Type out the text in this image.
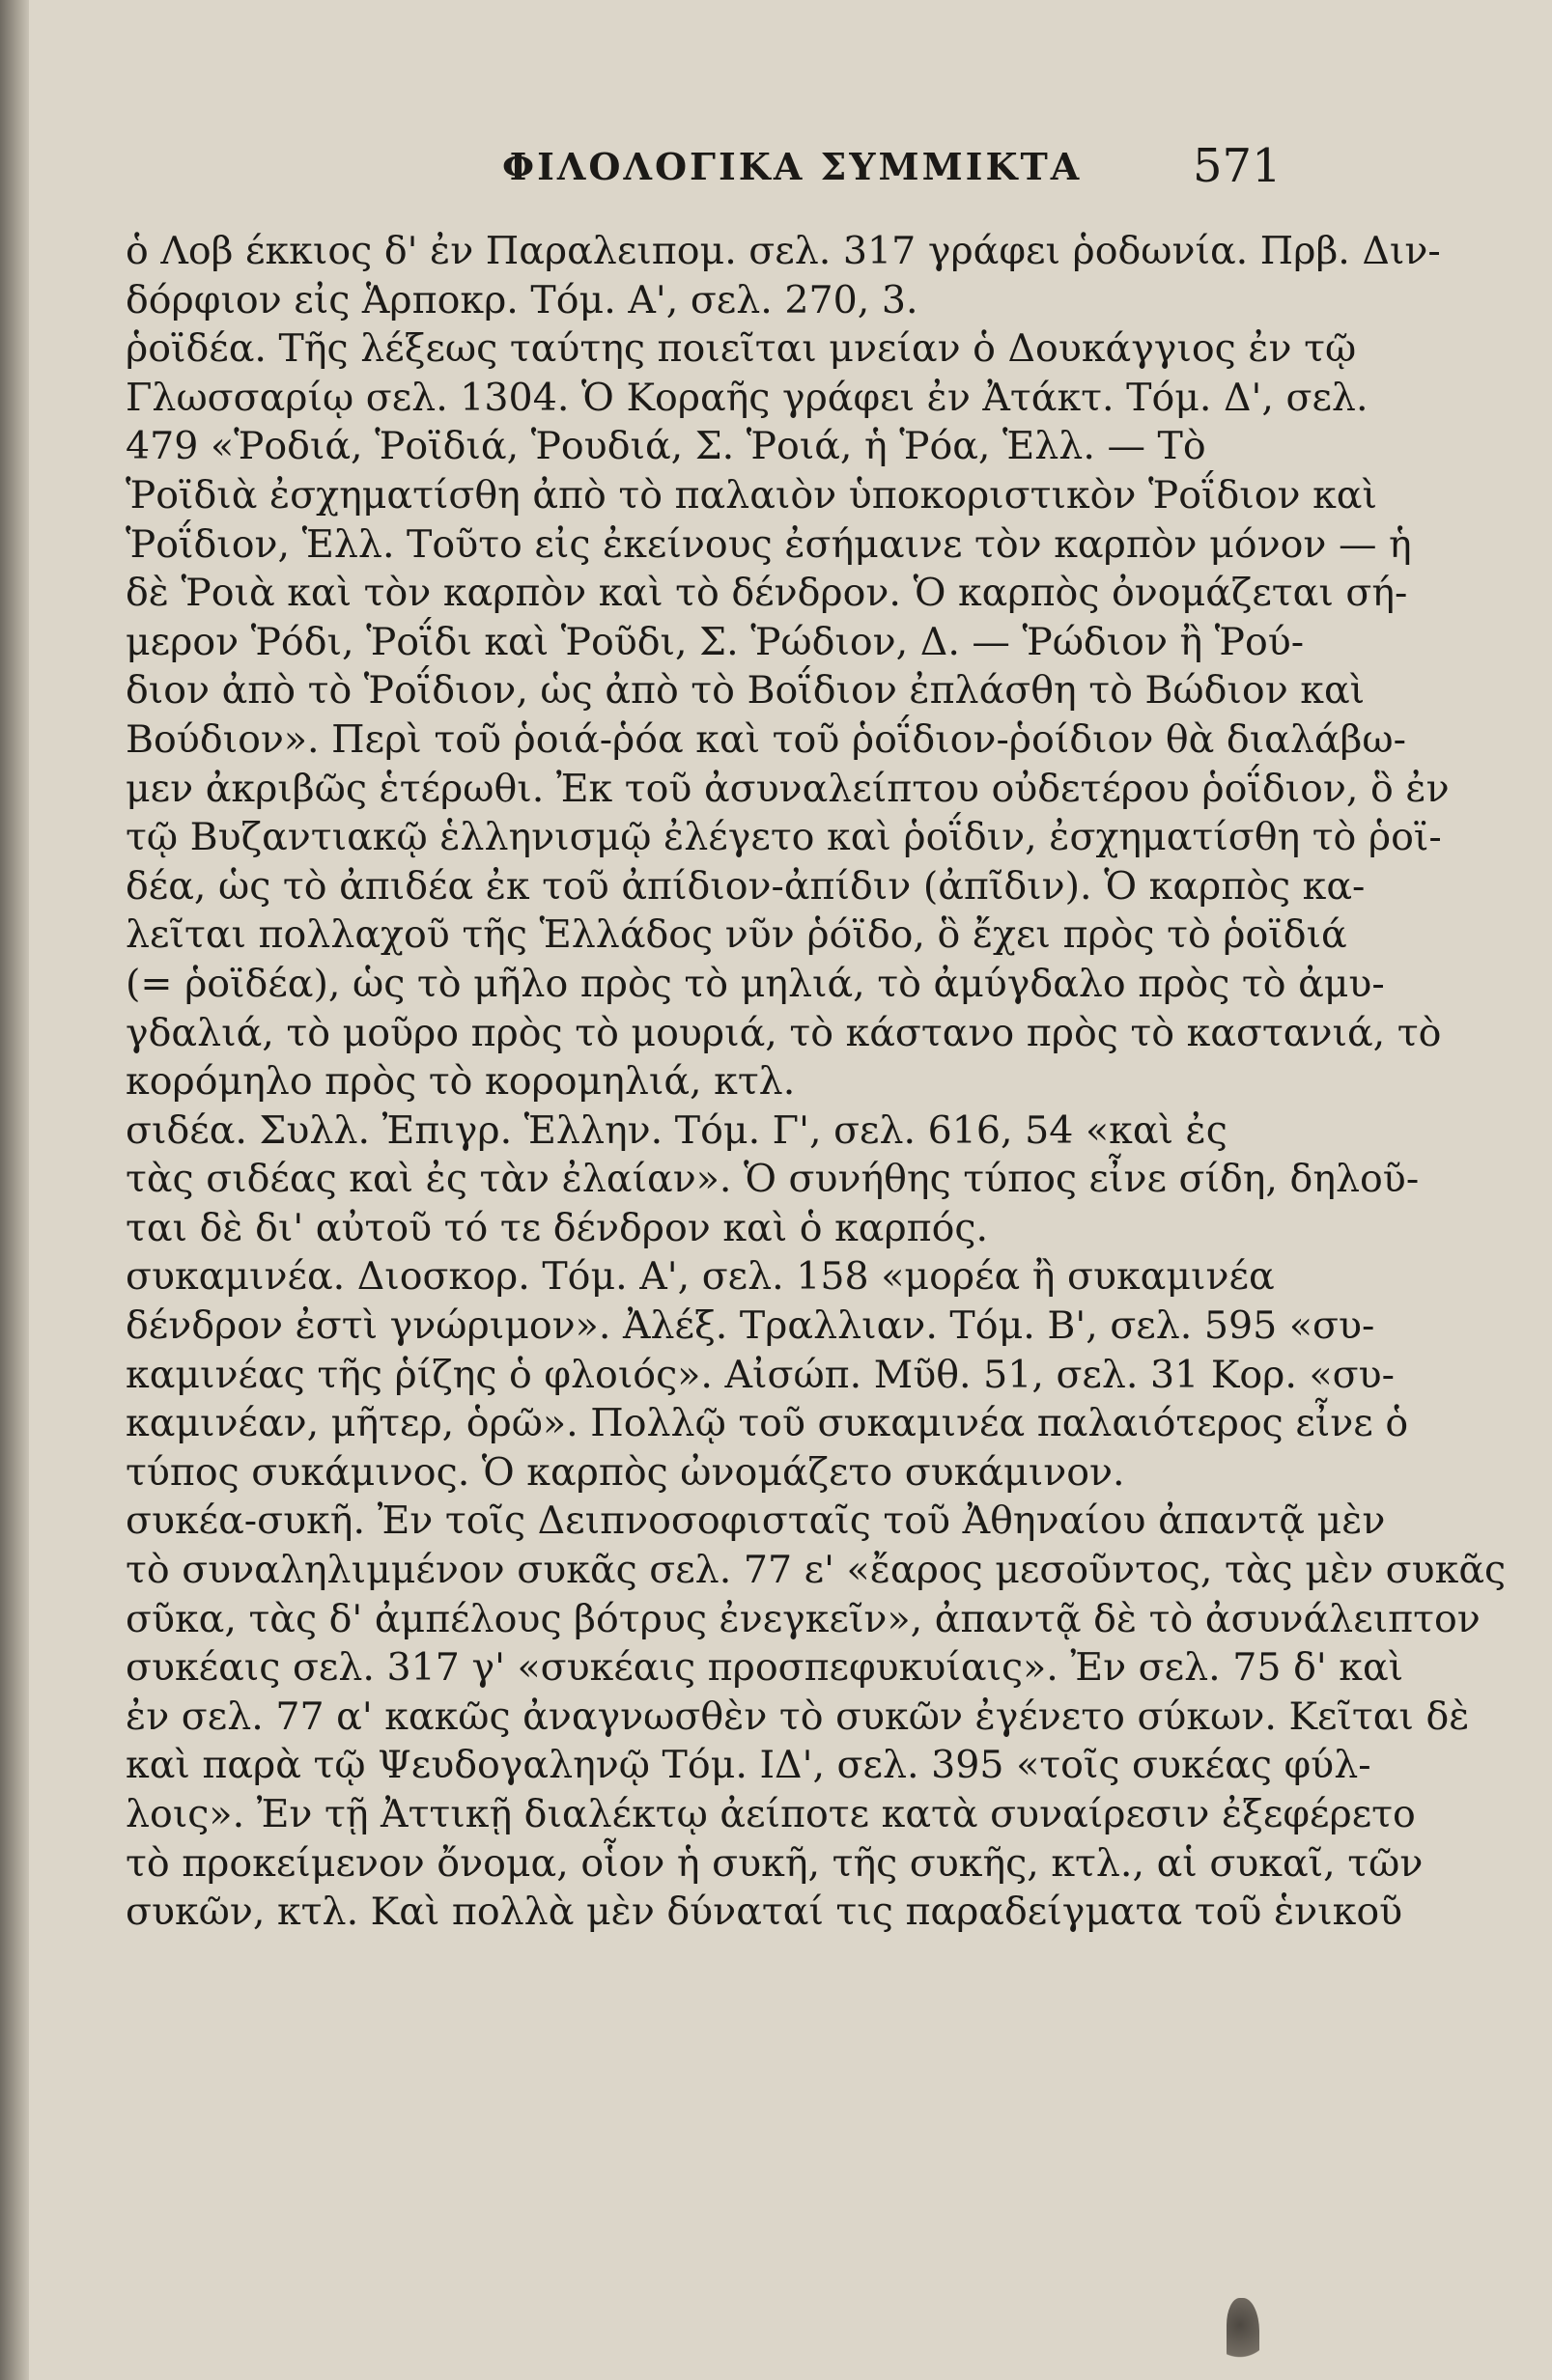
ΦΙΛΟΛΟΓΙΚΑ ΣΥΜΜΙΚΤΑ 571
ὁ Λοβ έκκιος δ' ἐν Παραλειπομ. σελ. 317 γράφει ῥοδωνία. Πρβ. Διν-
δόρφιον εἰς Ἁρποκρ. Τόμ. Α', σελ. 270, 3.
ῥοϊδέα. Τῆς λέξεως ταύτης ποιεῖται μνείαν ὁ Δουκάγγιος ἐν τῷ
Γλωσσαρίῳ σελ. 1304. Ὁ Κοραῆς γράφει ἐν Ἀτάκτ. Τόμ. Δ', σελ.
479 «Ῥοδιά, Ῥοϊδιά, Ῥουδιά, Σ. Ῥοιά, ἡ Ῥόα, Ἑλλ. — Τὸ
Ῥοϊδιὰ ἐσχηματίσθη ἀπὸ τὸ παλαιὸν ὑποκοριστικὸν Ῥοΐδιον καὶ
Ῥοΐδιον, Ἑλλ. Τοῦτο εἰς ἐκείνους ἐσήμαινε τὸν καρπὸν μόνον — ἡ
δὲ Ῥοιὰ καὶ τὸν καρπὸν καὶ τὸ δένδρον. Ὁ καρπὸς ὀνομάζεται σή-
μερον Ῥόδι, Ῥοΐδι καὶ Ῥοῦδι, Σ. Ῥώδιον, Δ. — Ῥώδιον ἢ Ῥού-
διον ἀπὸ τὸ Ῥοΐδιον, ὡς ἀπὸ τὸ Βοΐδιον ἐπλάσθη τὸ Βώδιον καὶ
Βούδιον». Περὶ τοῦ ῥοιά-ῥόα καὶ τοῦ ῥοΐδιον-ῥοίδιον θὰ διαλάβω-
μεν ἀκριβῶς ἑτέρωθι. Ἐκ τοῦ ἀσυναλείπτου οὐδετέρου ῥοΐδιον, ὃ ἐν
τῷ Βυζαντιακῷ ἑλληνισμῷ ἐλέγετο καὶ ῥοΐδιν, ἐσχηματίσθη τὸ ῥοϊ-
δέα, ὡς τὸ ἀπιδέα ἐκ τοῦ ἀπίδιον-ἀπίδιν (ἀπῖδιν). Ὁ καρπὸς κα-
λεῖται πολλαχοῦ τῆς Ἑλλάδος νῦν ῥόϊδο, ὃ ἔχει πρὸς τὸ ῥοϊδιά
(= ῥοϊδέα), ὡς τὸ μῆλο πρὸς τὸ μηλιά, τὸ ἀμύγδαλο πρὸς τὸ ἀμυ-
γδαλιά, τὸ μοῦρο πρὸς τὸ μουριά, τὸ κάστανο πρὸς τὸ καστανιά, τὸ
κορόμηλο πρὸς τὸ κορομηλιά, κτλ.
σιδέα. Συλλ. Ἐπιγρ. Ἑλλην. Τόμ. Γ', σελ. 616, 54 «καὶ ἐς
τὰς σιδέας καὶ ἐς τὰν ἐλαίαν». Ὁ συνήθης τύπος εἶνε σίδη, δηλοῦ-
ται δὲ δι' αὐτοῦ τό τε δένδρον καὶ ὁ καρπός.
συκαμινέα. Διοσκορ. Τόμ. Α', σελ. 158 «μορέα ἢ συκαμινέα
δένδρον ἐστὶ γνώριμον». Ἀλέξ. Τραλλιαν. Τόμ. Β', σελ. 595 «συ-
καμινέας τῆς ῥίζης ὁ φλοιός». Αἰσώπ. Μῦθ. 51, σελ. 31 Κορ. «συ-
καμινέαν, μῆτερ, ὁρῶ». Πολλῷ τοῦ συκαμινέα παλαιότερος εἶνε ὁ
τύπος συκάμινος. Ὁ καρπὸς ὠνομάζετο συκάμινον.
συκέα-συκῆ. Ἐν τοῖς Δειπνοσοφισταῖς τοῦ Ἀθηναίου ἀπαντᾷ μὲν
τὸ συναληλιμμένον συκᾶς σελ. 77 ε' «ἔαρος μεσοῦντος, τὰς μὲν συκᾶς
σῦκα, τὰς δ' ἀμπέλους βότρυς ἐνεγκεῖν», ἀπαντᾷ δὲ τὸ ἀσυνάλειπτον
συκέαις σελ. 317 γ' «συκέαις προσπεφυκυίαις». Ἐν σελ. 75 δ' καὶ
ἐν σελ. 77 α' κακῶς ἀναγνωσθὲν τὸ συκῶν ἐγένετο σύκων. Κεῖται δὲ
καὶ παρὰ τῷ Ψευδογαληνῷ Τόμ. ΙΔ', σελ. 395 «τοῖς συκέας φύλ-
λοις». Ἐν τῇ Ἀττικῇ διαλέκτῳ ἀείποτε κατὰ συναίρεσιν ἐξεφέρετο
τὸ προκείμενον ὄνομα, οἷον ἡ συκῆ, τῆς συκῆς, κτλ., αἱ συκαῖ, τῶν
συκῶν, κτλ. Καὶ πολλὰ μὲν δύναταί τις παραδείγματα τοῦ ἑνικοῦ
